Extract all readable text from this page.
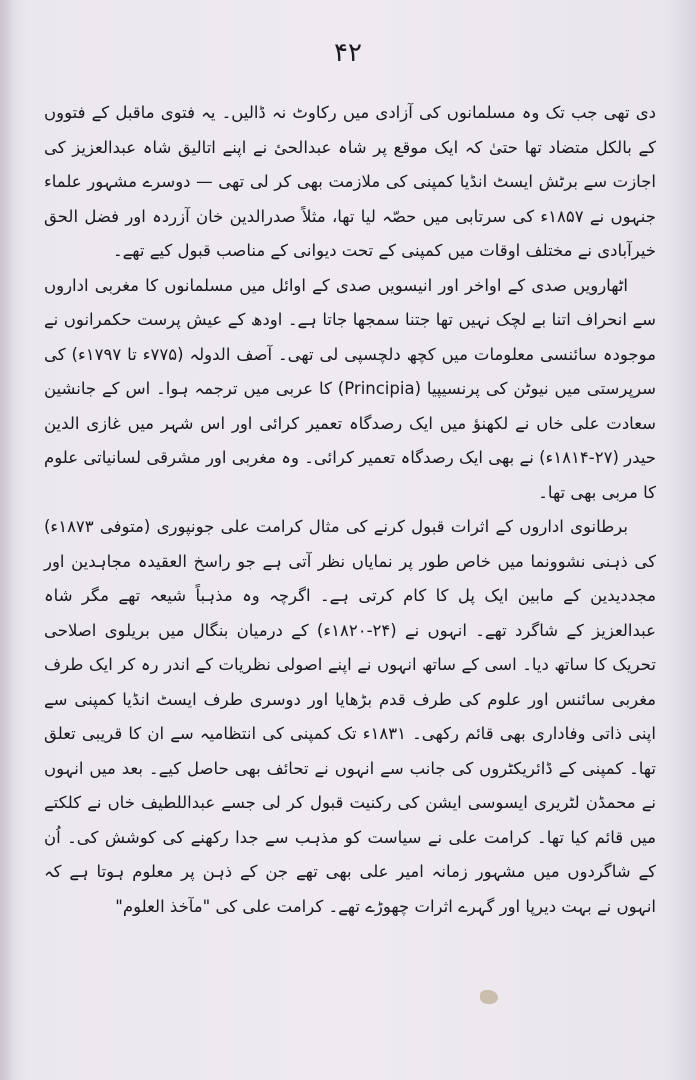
۴۲

دی تھی جب تک وہ مسلمانوں کی آزادی میں رکاوٹ نہ ڈالیں۔ یہ فتوی ماقبل کے فتووں کے بالکل متضاد تھا حتیٰ کہ ایک موقع پر شاہ عبدالحیٔ نے اپنے اتالیق شاہ عبدالعزیز کی اجازت سے برٹش ایسٹ انڈیا کمپنی کی ملازمت بھی کر لی تھی — دوسرے مشہور علماء جنہوں نے ۱۸۵۷ء کی سرتابی میں حصّہ لیا تھا، مثلاً صدرالدین خان آزردہ اور فضل الحق خیرآبادی نے مختلف اوقات میں کمپنی کے تحت دیوانی کے مناصب قبول کیے تھے۔

اٹھارویں صدی کے اواخر اور انیسویں صدی کے اوائل میں مسلمانوں کا مغربی اداروں سے انحراف اتنا بے لچک نہیں تھا جتنا سمجھا جاتا ہے۔ اودھ کے عیش پرست حکمرانوں نے موجودہ سائنسی معلومات میں کچھ دلچسپی لی تھی۔ آصف الدولہ (۷۷۵ء تا ۱۷۹۷ء) کی سرپرستی میں نیوٹن کی پرنسیپیا (Principia) کا عربی میں ترجمہ ہوا۔ اس کے جانشین سعادت علی خاں نے لکھنؤ میں ایک رصدگاہ تعمیر کرائی اور اس شہر میں غازی الدین حیدر (۲۷-۱۸۱۴ء) نے بھی ایک رصدگاہ تعمیر کرائی۔ وہ مغربی اور مشرقی لسانیاتی علوم کا مربی بھی تھا۔

برطانوی اداروں کے اثرات قبول کرنے کی مثال کرامت علی جونپوری (متوفی ۱۸۷۳ء) کی ذہنی نشوونما میں خاص طور پر نمایاں نظر آتی ہے جو راسخ العقیدہ مجاہدین اور مجددیدین کے مابین ایک پل کا کام کرتی ہے۔ اگرچہ وہ مذہباً شیعہ تھے مگر شاہ عبدالعزیز کے شاگرد تھے۔ انہوں نے (۲۴-۱۸۲۰ء) کے درمیان بنگال میں بریلوی اصلاحی تحریک کا ساتھ دیا۔ اسی کے ساتھ انہوں نے اپنے اصولی نظریات کے اندر رہ کر ایک طرف مغربی سائنس اور علوم کی طرف قدم بڑھایا اور دوسری طرف ایسٹ انڈیا کمپنی سے اپنی ذاتی وفاداری بھی قائم رکھی۔ ۱۸۳۱ء تک کمپنی کی انتظامیہ سے ان کا قریبی تعلق تھا۔ کمپنی کے ڈائریکٹروں کی جانب سے انہوں نے تحائف بھی حاصل کیے۔ بعد میں انہوں نے محمڈن لٹریری ایسوسی ایشن کی رکنیت قبول کر لی جسے عبداللطیف خاں نے کلکتے میں قائم کیا تھا۔ کرامت علی نے سیاست کو مذہب سے جدا رکھنے کی کوشش کی۔ اُن کے شاگردوں میں مشہور زمانہ امیر علی بھی تھے جن کے ذہن پر معلوم ہوتا ہے کہ انہوں نے بہت دیرپا اور گہرے اثرات چھوڑے تھے۔ کرامت علی کی "مآخذ العلوم"
